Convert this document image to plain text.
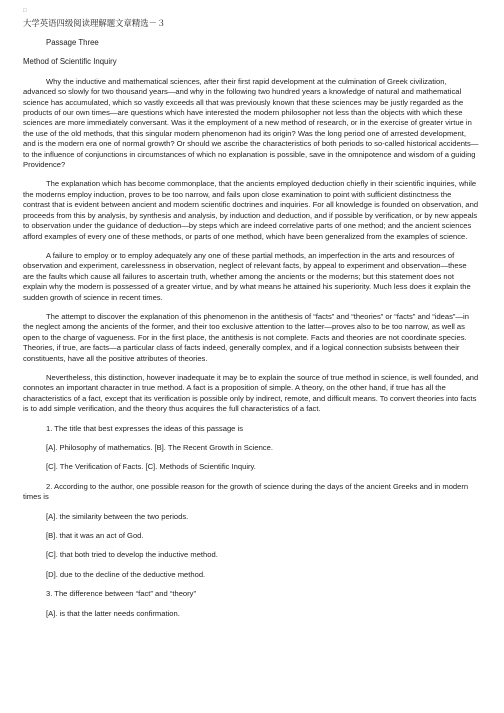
□
大学英语四级阅读理解题文章精选－３
Passage Three
Method of Scientific Inquiry

Why the inductive and mathematical sciences, after their first rapid development at the culmination of Greek civilization, advanced so slowly for two thousand years—and why in the following two hundred years a knowledge of natural and mathematical science has accumulated, which so vastly exceeds all that was previously known that these sciences may be justly regarded as the products of our own times—are questions which have interested the modern philosopher not less than the objects with which these sciences are more immediately conversant. Was it the employment of a new method of research, or in the exercise of greater virtue in the use of the old methods, that this singular modern phenomenon had its origin? Was the long period one of arrested development, and is the modern era one of normal growth? Or should we ascribe the characteristics of both periods to so-called historical accidents—to the influence of conjunctions in circumstances of which no explanation is possible, save in the omnipotence and wisdom of a guiding Providence?

The explanation which has become commonplace, that the ancients employed deduction chiefly in their scientific inquiries, while the moderns employ induction, proves to be too narrow, and fails upon close examination to point with sufficient distinctness the contrast that is evident between ancient and modern scientific doctrines and inquiries. For all knowledge is founded on observation, and proceeds from this by analysis, by synthesis and analysis, by induction and deduction, and if possible by verification, or by new appeals to observation under the guidance of deduction—by steps which are indeed correlative parts of one method; and the ancient sciences afford examples of every one of these methods, or parts of one method, which have been generalized from the examples of science.

A failure to employ or to employ adequately any one of these partial methods, an imperfection in the arts and resources of observation and experiment, carelessness in observation, neglect of relevant facts, by appeal to experiment and observation—these are the faults which cause all failures to ascertain truth, whether among the ancients or the moderns; but this statement does not explain why the modern is possessed of a greater virtue, and by what means he attained his superiority. Much less does it explain the sudden growth of science in recent times.

The attempt to discover the explanation of this phenomenon in the antithesis of “facts” and “theories” or “facts” and “ideas”—in the neglect among the ancients of the former, and their too exclusive attention to the latter—proves also to be too narrow, as well as open to the charge of vagueness. For in the first place, the antithesis is not complete. Facts and theories are not coordinate species. Theories, if true, are facts—a particular class of facts indeed, generally complex, and if a logical connection subsists between their constituents, have all the positive attributes of theories.

Nevertheless, this distinction, however inadequate it may be to explain the source of true method in science, is well founded, and connotes an important character in true method. A fact is a proposition of simple. A theory, on the other hand, if true has all the characteristics of a fact, except that its verification is possible only by indirect, remote, and difficult means. To convert theories into facts is to add simple verification, and the theory thus acquires the full characteristics of a fact.

1. The title that best expresses the ideas of this passage is

[A]. Philosophy of mathematics. [B]. The Recent Growth in Science.

[C]. The Verification of Facts. [C]. Methods of Scientific Inquiry.

2. According to the author, one possible reason for the growth of science during the days of the ancient Greeks and in modern times is

[A]. the similarity between the two periods.

[B]. that it was an act of God.

[C]. that both tried to develop the inductive method.

[D]. due to the decline of the deductive method.

3. The difference between “fact” and “theory”

[A]. is that the latter needs confirmation.
